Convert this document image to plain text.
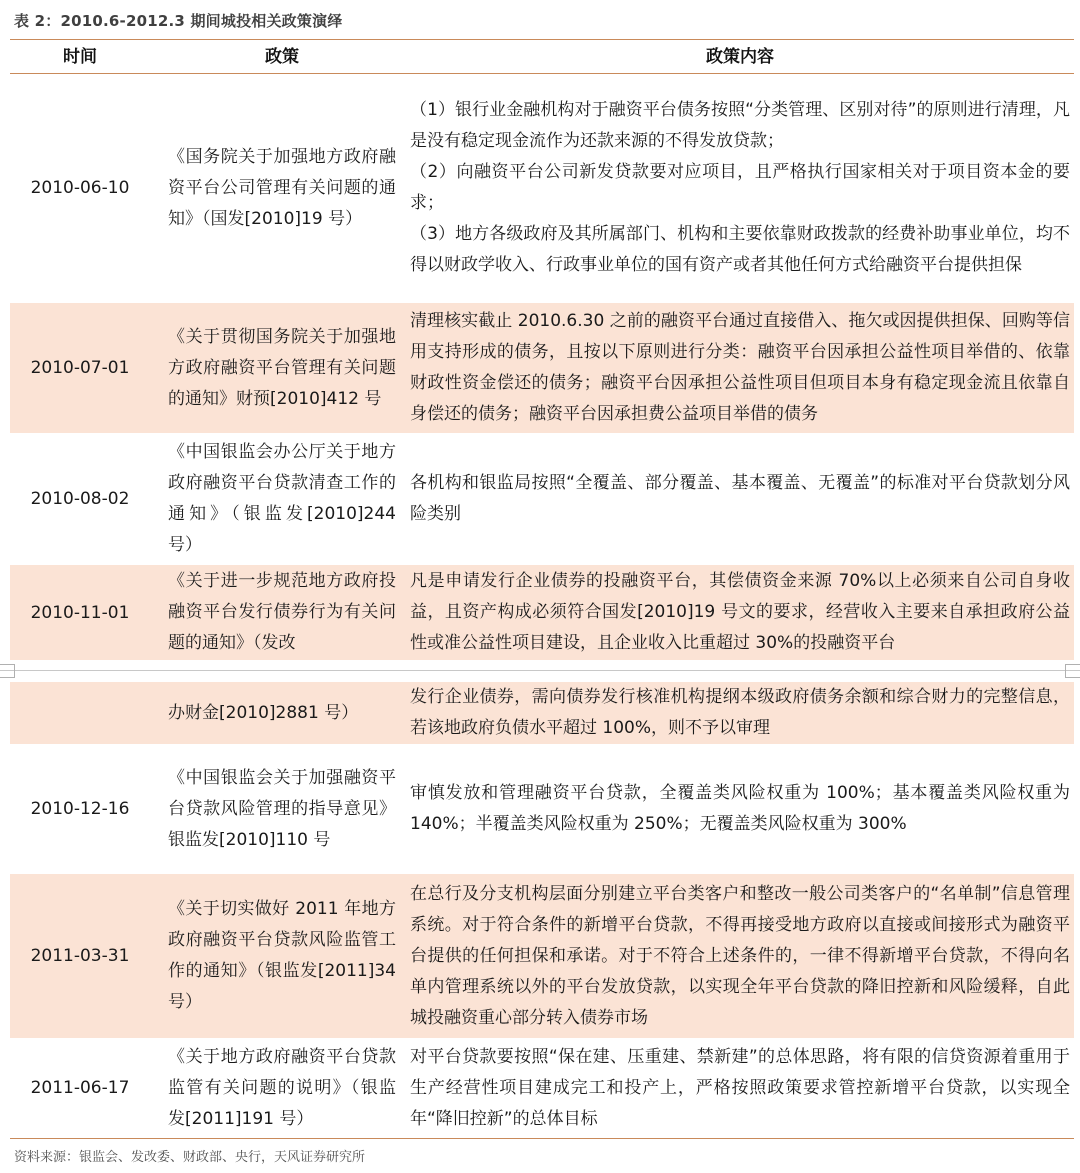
表 2：2010.6-2012.3 期间城投相关政策演绎
时间	政策	政策内容
2010-06-10
《国务院关于加强地方政府融资平台公司管理有关问题的通知》（国发[2010]19 号）
（1）银行业金融机构对于融资平台债务按照“分类管理、区别对待”的原则进行清理，凡是没有稳定现金流作为还款来源的不得发放贷款；
（2）向融资平台公司新发贷款要对应项目，且严格执行国家相关对于项目资本金的要求；
（3）地方各级政府及其所属部门、机构和主要依靠财政拨款的经费补助事业单位，均不得以财政学收入、行政事业单位的国有资产或者其他任何方式给融资平台提供担保
2010-07-01
《关于贯彻国务院关于加强地方政府融资平台管理有关问题的通知》财预[2010]412 号
清理核实截止 2010.6.30 之前的融资平台通过直接借入、拖欠或因提供担保、回购等信用支持形成的债务，且按以下原则进行分类：融资平台因承担公益性项目举借的、依靠财政性资金偿还的债务；融资平台因承担公益性项目但项目本身有稳定现金流且依靠自身偿还的债务；融资平台因承担费公益项目举借的债务
2010-08-02
《中国银监会办公厅关于地方政府融资平台贷款清查工作的通知》（银监发[2010]244 号）
各机构和银监局按照“全覆盖、部分覆盖、基本覆盖、无覆盖”的标准对平台贷款划分风险类别
2010-11-01
《关于进一步规范地方政府投融资平台发行债券行为有关问题的通知》（发改
凡是申请发行企业债券的投融资平台，其偿债资金来源 70%以上必须来自公司自身收益，且资产构成必须符合国发[2010]19 号文的要求，经营收入主要来自承担政府公益性或准公益性项目建设，且企业收入比重超过 30%的投融资平台
办财金[2010]2881 号）
发行企业债券，需向债券发行核准机构提纲本级政府债务余额和综合财力的完整信息，若该地政府负债水平超过 100%，则不予以审理
2010-12-16
《中国银监会关于加强融资平台贷款风险管理的指导意见》银监发[2010]110 号
审慎发放和管理融资平台贷款，全覆盖类风险权重为 100%；基本覆盖类风险权重为 140%；半覆盖类风险权重为 250%；无覆盖类风险权重为 300%
2011-03-31
《关于切实做好 2011 年地方政府融资平台贷款风险监管工作的通知》（银监发[2011]34 号）
在总行及分支机构层面分别建立平台类客户和整改一般公司类客户的“名单制”信息管理系统。对于符合条件的新增平台贷款，不得再接受地方政府以直接或间接形式为融资平台提供的任何担保和承诺。对于不符合上述条件的，一律不得新增平台贷款，不得向名单内管理系统以外的平台发放贷款，以实现全年平台贷款的降旧控新和风险缓释，自此城投融资重心部分转入债券市场
2011-06-17
《关于地方政府融资平台贷款监管有关问题的说明》（银监发[2011]191 号）
对平台贷款要按照“保在建、压重建、禁新建”的总体思路，将有限的信贷资源着重用于生产经营性项目建成完工和投产上，严格按照政策要求管控新增平台贷款，以实现全年“降旧控新”的总体目标
资料来源：银监会、发改委、财政部、央行，天风证券研究所
